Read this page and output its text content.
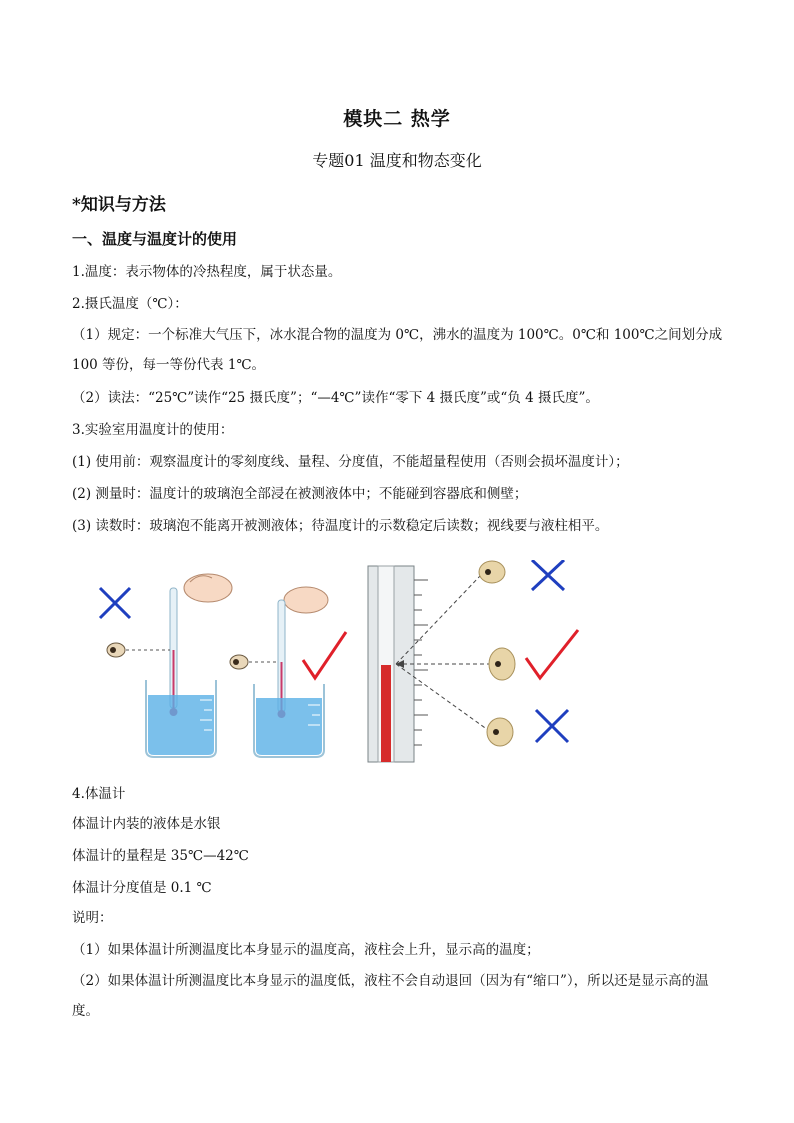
模块二 热学
专题01 温度和物态变化
*知识与方法
一、温度与温度计的使用
1.温度：表示物体的冷热程度，属于状态量。
2.摄氏温度（℃）：
（1）规定：一个标准大气压下，冰水混合物的温度为 0℃，沸水的温度为 100℃。0℃和 100℃之间划分成 100 等份，每一等份代表 1℃。
（2）读法：“25℃”读作“25 摄氏度”；“—4℃”读作“零下 4 摄氏度”或“负 4 摄氏度”。
3.实验室用温度计的使用：
(1) 使用前：观察温度计的零刻度线、量程、分度值，不能超量程使用（否则会损坏温度计）；
(2) 测量时：温度计的玻璃泡全部浸在被测液体中；不能碰到容器底和侧壁；
(3) 读数时：玻璃泡不能离开被测液体；待温度计的示数稳定后读数；视线要与液柱相平。
4.体温计
体温计内装的液体是水银
体温计的量程是 35℃—42℃
体温计分度值是 0.1 ℃
说明：
（1）如果体温计所测温度比本身显示的温度高，液柱会上升，显示高的温度；
（2）如果体温计所测温度比本身显示的温度低，液柱不会自动退回（因为有“缩口”），所以还是显示高的温度。
